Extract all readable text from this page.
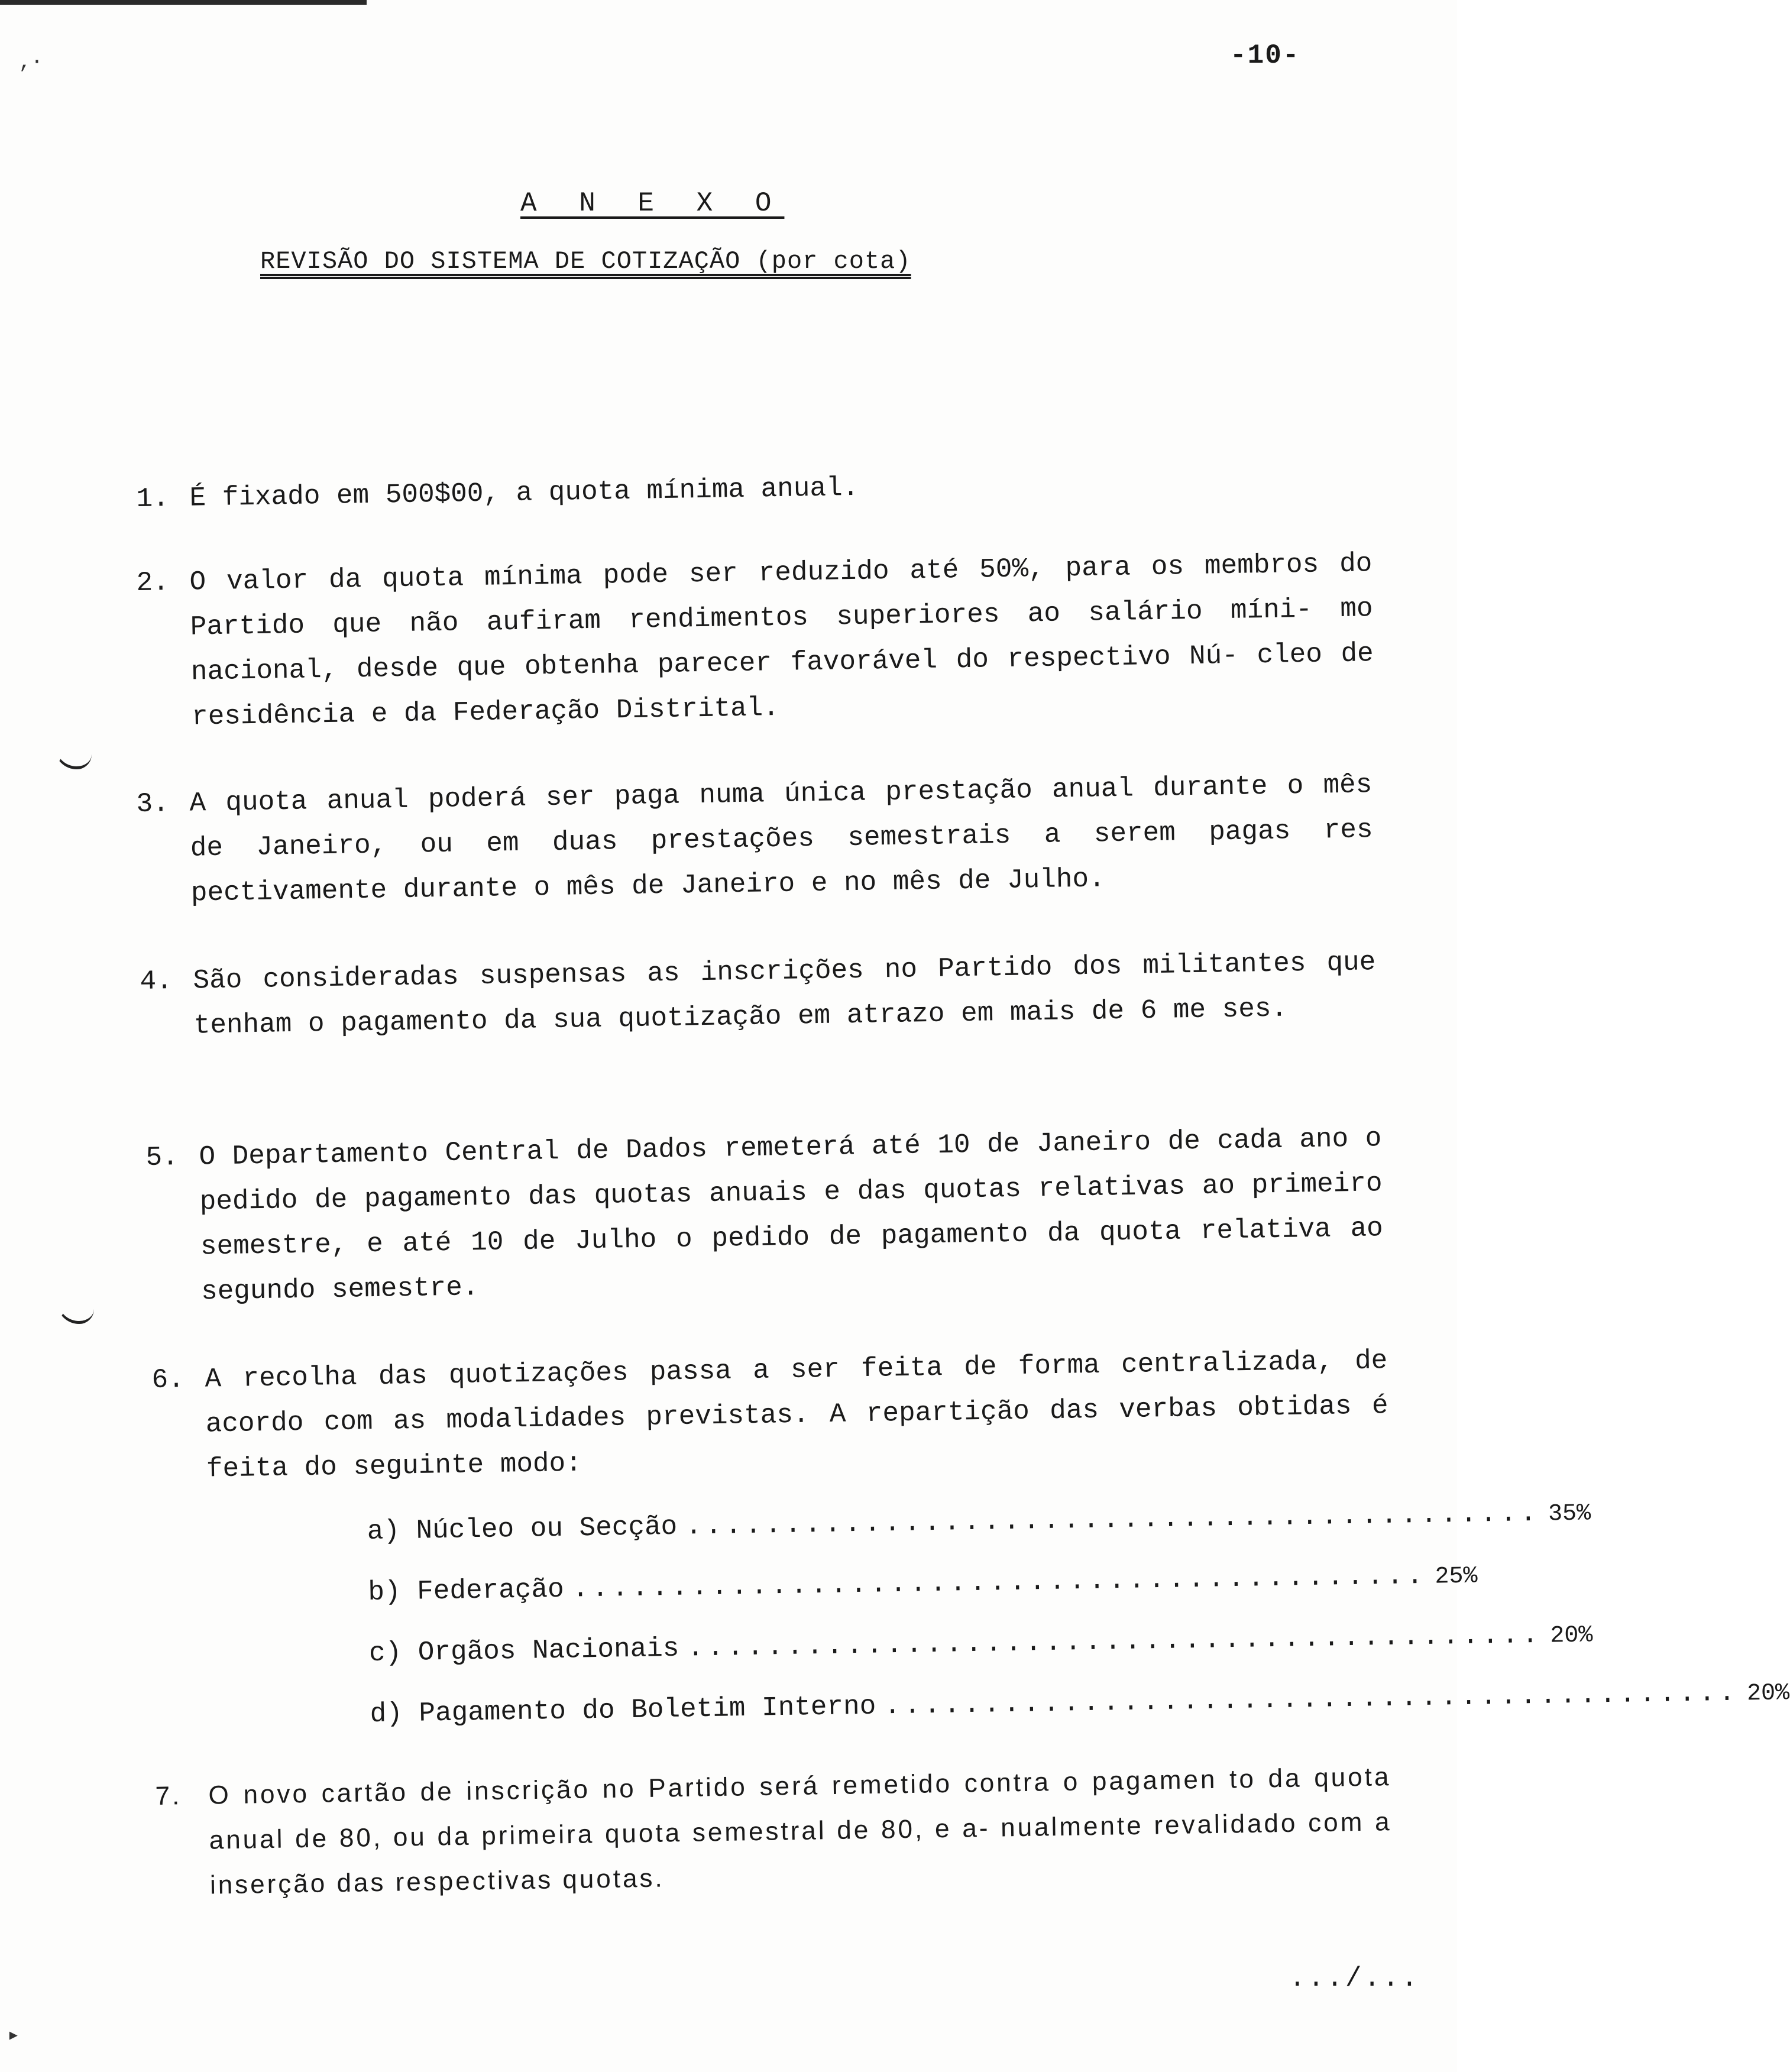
-10-
A N E X O
REVISÃO DO SISTEMA DE COTIZAÇÃO (por cota)
‚·
1. É fixado em 500$00, a quota mínima anual.
2. O valor da quota mínima pode ser reduzido até 50%, para os membros do Partido que não aufiram rendimentos superiores ao salário míni- mo nacional, desde que obtenha parecer favorável do respectivo Nú- cleo de residência e da Federação Distrital.
3. A quota anual poderá ser paga numa única prestação anual durante o mês de Janeiro, ou em duas prestações semestrais a serem pagas res pectivamente durante o mês de Janeiro e no mês de Julho.
4. São consideradas suspensas as inscrições no Partido dos militantes que tenham o pagamento da sua quotização em atrazo em mais de 6 me ses.
5. O Departamento Central de Dados remeterá até 10 de Janeiro de cada ano o pedido de pagamento das quotas anuais e das quotas relativas ao primeiro semestre, e até 10 de Julho o pedido de pagamento da quota relativa ao segundo semestre.
6. A recolha das quotizações passa a ser feita de forma centralizada, de acordo com as modalidades previstas. A repartição das verbas obtidas é feita do seguinte modo:
a) Núcleo ou Secção ........................................... 35%
b) Federação ........................................... 25%
c) Orgãos Nacionais ........................................... 20%
d) Pagamento do Boletim Interno ........................................... 20%
7. O novo cartão de inscrição no Partido será remetido contra o pagamen to da quota anual de 80, ou da primeira quota semestral de 80, e a- nualmente revalidado com a inserção das respectivas quotas.
.../...
▸
